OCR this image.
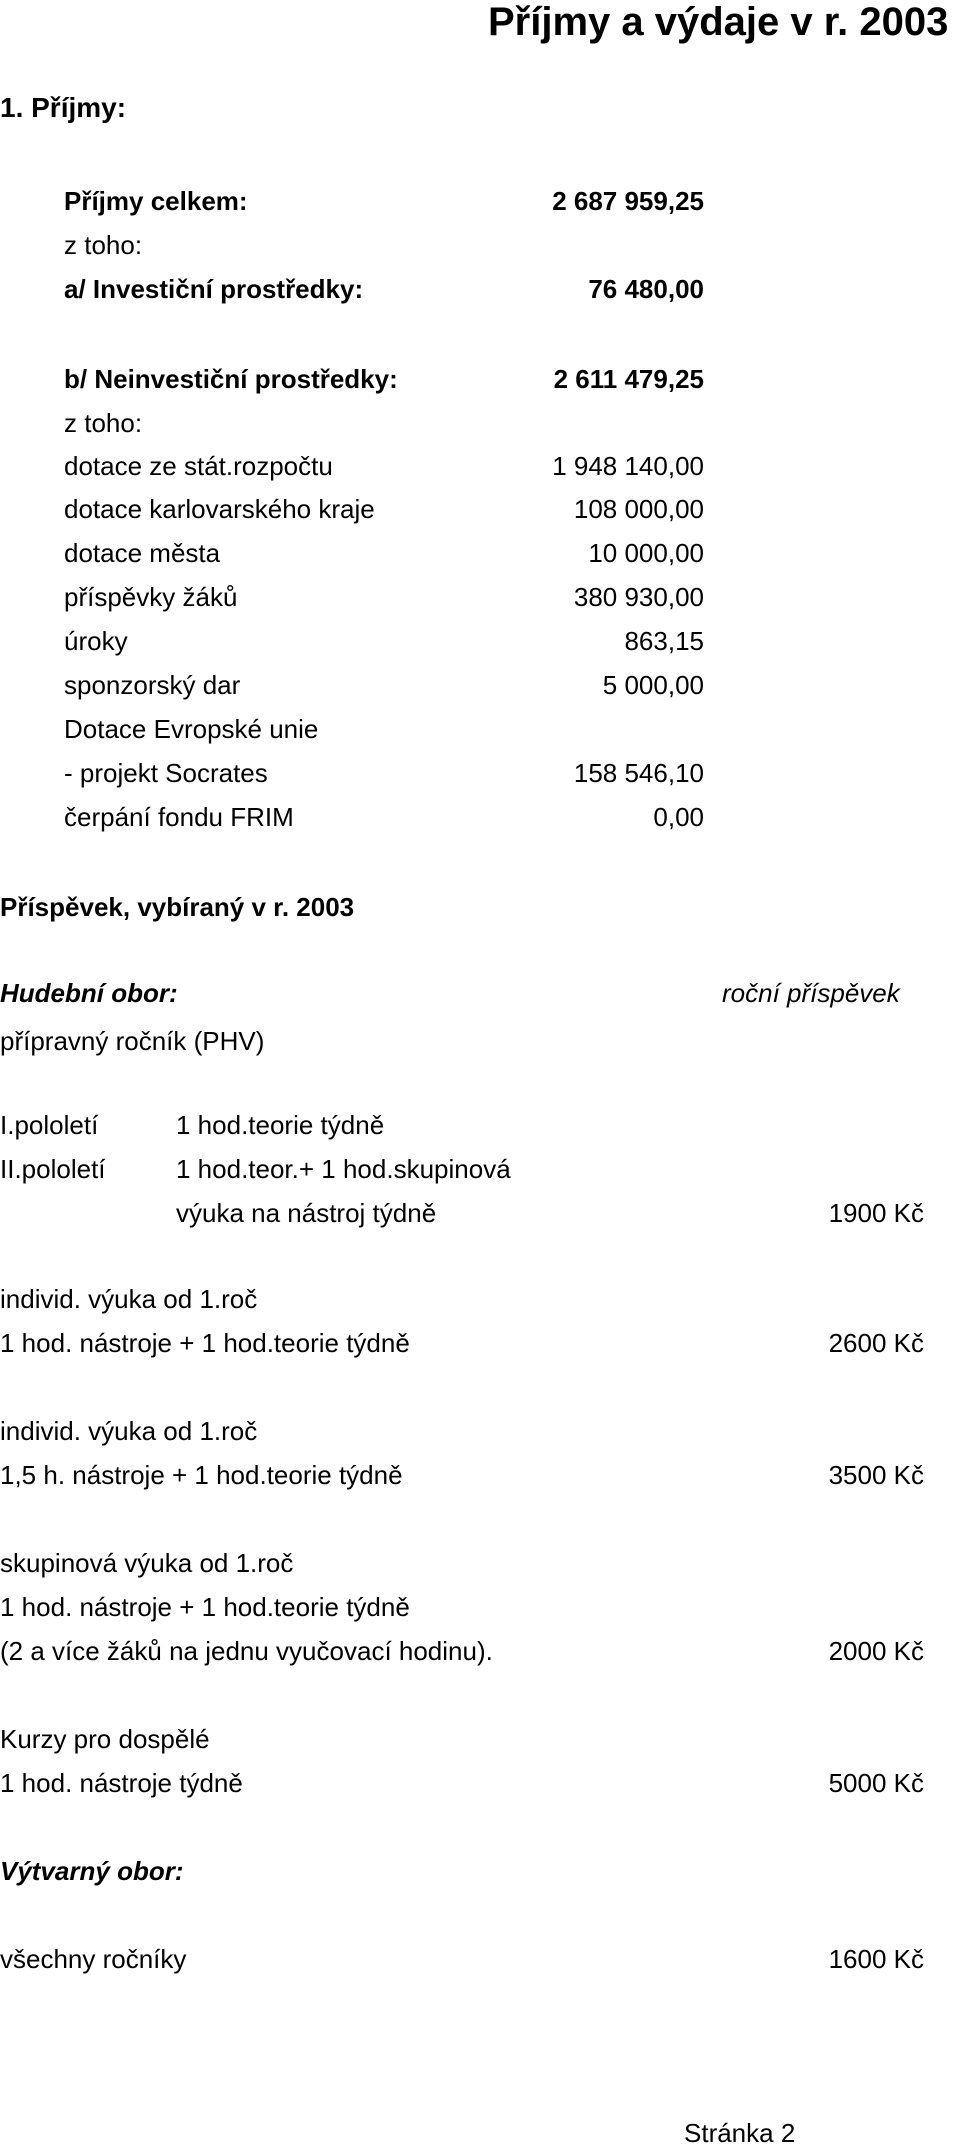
Příjmy a výdaje v r. 2003
1. Příjmy:
Příjmy celkem:	2 687 959,25
z toho:
a/ Investiční prostředky:	76 480,00
b/ Neinvestiční prostředky:	2 611 479,25
z toho:
dotace ze stát.rozpočtu	1 948 140,00
dotace karlovarského kraje	108 000,00
dotace města	10 000,00
příspěvky žáků	380 930,00
úroky	863,15
sponzorský dar	5 000,00
Dotace Evropské unie
- projekt Socrates	158 546,10
čerpání fondu FRIM	0,00
Příspěvek, vybíraný v r. 2003
Hudební obor:	roční příspěvek
přípravný ročník (PHV)
I.pololetí	1 hod.teorie týdně
II.pololetí	1 hod.teor.+ 1 hod.skupinová
výuka na nástroj týdně	1900 Kč
individ. výuka od 1.roč
1 hod. nástroje + 1 hod.teorie týdně	2600 Kč
individ. výuka od 1.roč
1,5 h. nástroje + 1 hod.teorie týdně	3500 Kč
skupinová výuka od 1.roč
1 hod. nástroje + 1 hod.teorie týdně
(2 a více žáků na jednu vyučovací hodinu).	2000 Kč
Kurzy pro dospělé
1 hod. nástroje týdně	5000 Kč
Výtvarný obor:
všechny ročníky	1600 Kč
Stránka 2
